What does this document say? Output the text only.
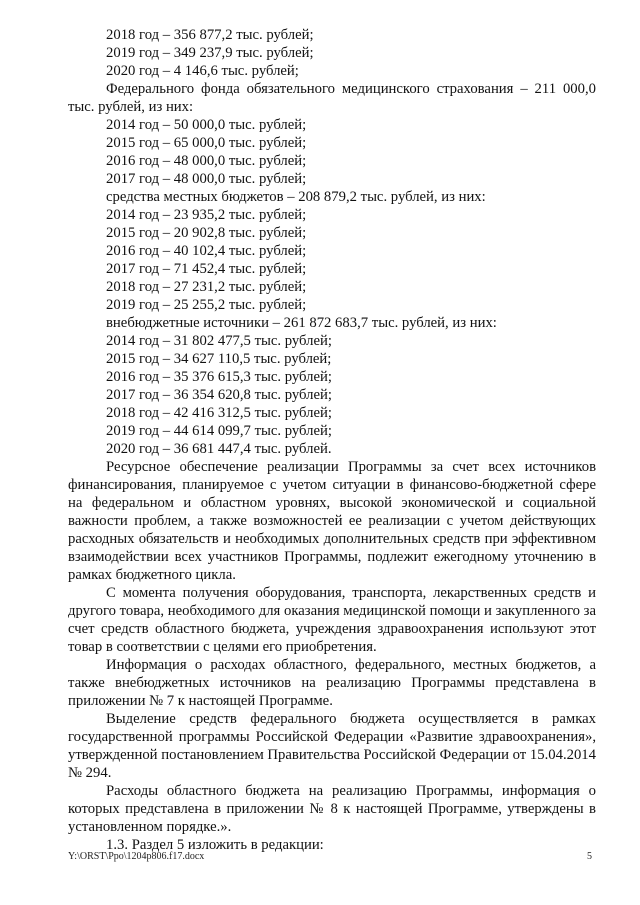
2018 год – 356 877,2 тыс. рублей;

2019 год – 349 237,9 тыс. рублей;

2020 год – 4 146,6 тыс. рублей;

Федерального фонда обязательного медицинского страхования – 211 000,0 тыс. рублей, из них:

2014 год – 50 000,0 тыс. рублей;

2015 год – 65 000,0 тыс. рублей;

2016 год – 48 000,0 тыс. рублей;

2017 год – 48 000,0 тыс. рублей;

средства местных бюджетов – 208 879,2 тыс. рублей, из них:

2014 год – 23 935,2 тыс. рублей;

2015 год – 20 902,8 тыс. рублей;

2016 год – 40 102,4 тыс. рублей;

2017 год – 71 452,4 тыс. рублей;

2018 год – 27 231,2 тыс. рублей;

2019 год – 25 255,2 тыс. рублей;

внебюджетные источники – 261 872 683,7 тыс. рублей, из них:

2014 год – 31 802 477,5 тыс. рублей;

2015 год – 34 627 110,5 тыс. рублей;

2016 год – 35 376 615,3 тыс. рублей;

2017 год – 36 354 620,8 тыс. рублей;

2018 год – 42 416 312,5 тыс. рублей;

2019 год – 44 614 099,7 тыс. рублей;

2020 год – 36 681 447,4 тыс. рублей.

Ресурсное обеспечение реализации Программы за счет всех источников финансирования, планируемое с учетом ситуации в финансово-бюджетной сфере на федеральном и областном уровнях, высокой экономической и социальной важности проблем, а также возможностей ее реализации с учетом действующих расходных обязательств и необходимых дополнительных средств при эффективном взаимодействии всех участников Программы, подлежит ежегодному уточнению в рамках бюджетного цикла.

С момента получения оборудования, транспорта, лекарственных средств и другого товара, необходимого для оказания медицинской помощи и закупленного за счет средств областного бюджета, учреждения здравоохранения используют этот товар в соответствии с целями его приобретения.

Информация о расходах областного, федерального, местных бюджетов, а также внебюджетных источников на реализацию Программы представлена в приложении № 7 к настоящей Программе.

Выделение средств федерального бюджета осуществляется в рамках государственной программы Российской Федерации «Развитие здравоохранения», утвержденной постановлением Правительства Российской Федерации от 15.04.2014 № 294.

Расходы областного бюджета на реализацию Программы, информация о которых представлена в приложении № 8 к настоящей Программе, утверждены в установленном порядке.».

1.3. Раздел 5 изложить в редакции:

Y:\ORST\Ppo\1204p806.f17.docx	5
